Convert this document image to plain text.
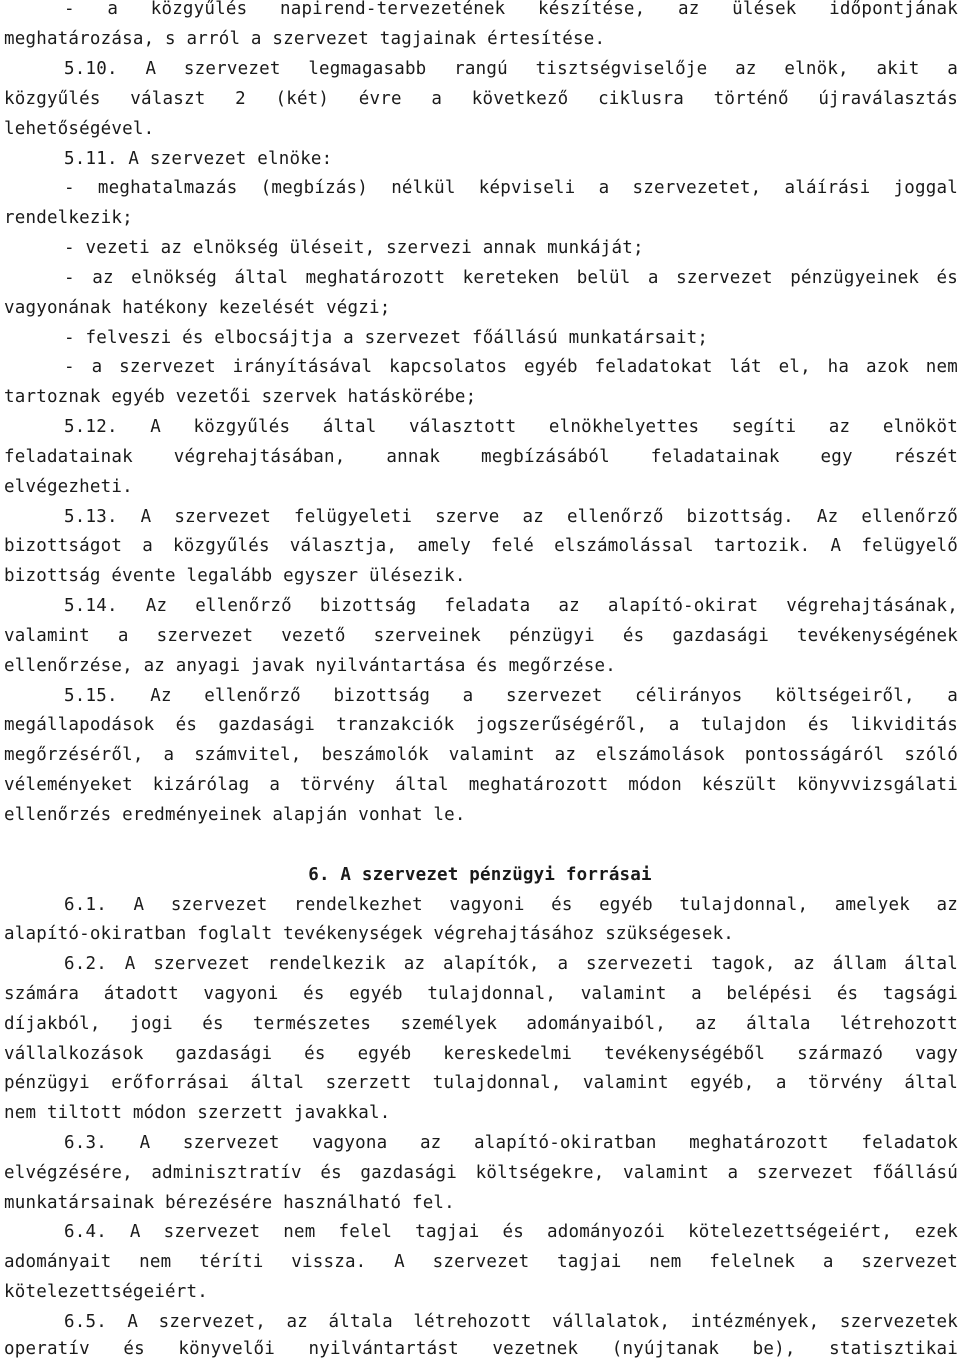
- a közgyűlés napirend-tervezetének készítése, az ülések időpontjának
meghatározása, s arról a szervezet tagjainak értesítése.
5.10. A szervezet legmagasabb rangú tisztségviselője az elnök, akit a
közgyűlés választ 2 (két) évre a következő ciklusra történő újraválasztás
lehetőségével.
5.11. A szervezet elnöke:
- meghatalmazás (megbízás) nélkül képviseli a szervezetet, aláírási joggal
rendelkezik;
- vezeti az elnökség üléseit, szervezi annak munkáját;
- az elnökség által meghatározott kereteken belül a szervezet pénzügyeinek és
vagyonának hatékony kezelését végzi;
- felveszi és elbocsájtja a szervezet főállású munkatársait;
- a szervezet irányításával kapcsolatos egyéb feladatokat lát el, ha azok nem
tartoznak egyéb vezetői szervek hatáskörébe;
5.12. A közgyűlés által választott elnökhelyettes segíti az elnököt
feladatainak végrehajtásában, annak megbízásából feladatainak egy részét
elvégezheti.
5.13. A szervezet felügyeleti szerve az ellenőrző bizottság. Az ellenőrző
bizottságot a közgyűlés választja, amely felé elszámolással tartozik. A felügyelő
bizottság évente legalább egyszer ülésezik.
5.14. Az ellenőrző bizottság feladata az alapító-okirat végrehajtásának,
valamint a szervezet vezető szerveinek pénzügyi és gazdasági tevékenységének
ellenőrzése, az anyagi javak nyilvántartása és megőrzése.
5.15. Az ellenőrző bizottság a szervezet célirányos költségeiről, a
megállapodások és gazdasági tranzakciók jogszerűségéről, a tulajdon és likviditás
megőrzéséről, a számvitel, beszámolók valamint az elszámolások pontosságáról szóló
véleményeket kizárólag a törvény által meghatározott módon készült könyvvizsgálati
ellenőrzés eredményeinek alapján vonhat le.
6. A szervezet pénzügyi forrásai
6.1. A szervezet rendelkezhet vagyoni és egyéb tulajdonnal, amelyek az
alapító-okiratban foglalt tevékenységek végrehajtásához szükségesek.
6.2. A szervezet rendelkezik az alapítók, a szervezeti tagok, az állam által
számára átadott vagyoni és egyéb tulajdonnal, valamint a belépési és tagsági
díjakból, jogi és természetes személyek adományaiból, az általa létrehozott
vállalkozások gazdasági és egyéb kereskedelmi tevékenységéből származó vagy
pénzügyi erőforrásai által szerzett tulajdonnal, valamint egyéb, a törvény által
nem tiltott módon szerzett javakkal.
6.3. A szervezet vagyona az alapító-okiratban meghatározott feladatok
elvégzésére, adminisztratív és gazdasági költségekre, valamint a szervezet főállású
munkatársainak bérezésére használható fel.
6.4. A szervezet nem felel tagjai és adományozói kötelezettségeiért, ezek
adományait nem téríti vissza. A szervezet tagjai nem felelnek a szervezet
kötelezettségeiért.
6.5. A szervezet, az általa létrehozott vállalatok, intézmények, szervezetek
operatív és könyvelői nyilvántartást vezetnek (nyújtanak be), statisztikai
